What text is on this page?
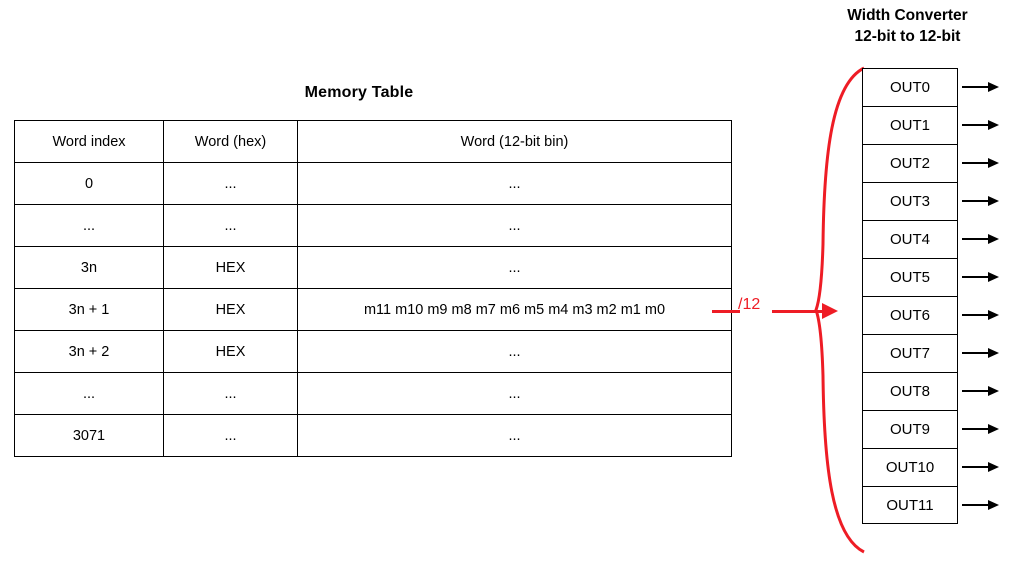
Memory Table
Word index	Word (hex)	Word (12-bit bin)
0	...	...
...	...	...
3n	HEX	...
3n + 1	HEX	m11 m10 m9 m8 m7 m6 m5 m4 m3 m2 m1 m0
3n + 2	HEX	...
...	...	...
3071	...	...
/12
Width Converter
12-bit to 12-bit
OUT0
OUT1
OUT2
OUT3
OUT4
OUT5
OUT6
OUT7
OUT8
OUT9
OUT10
OUT11
